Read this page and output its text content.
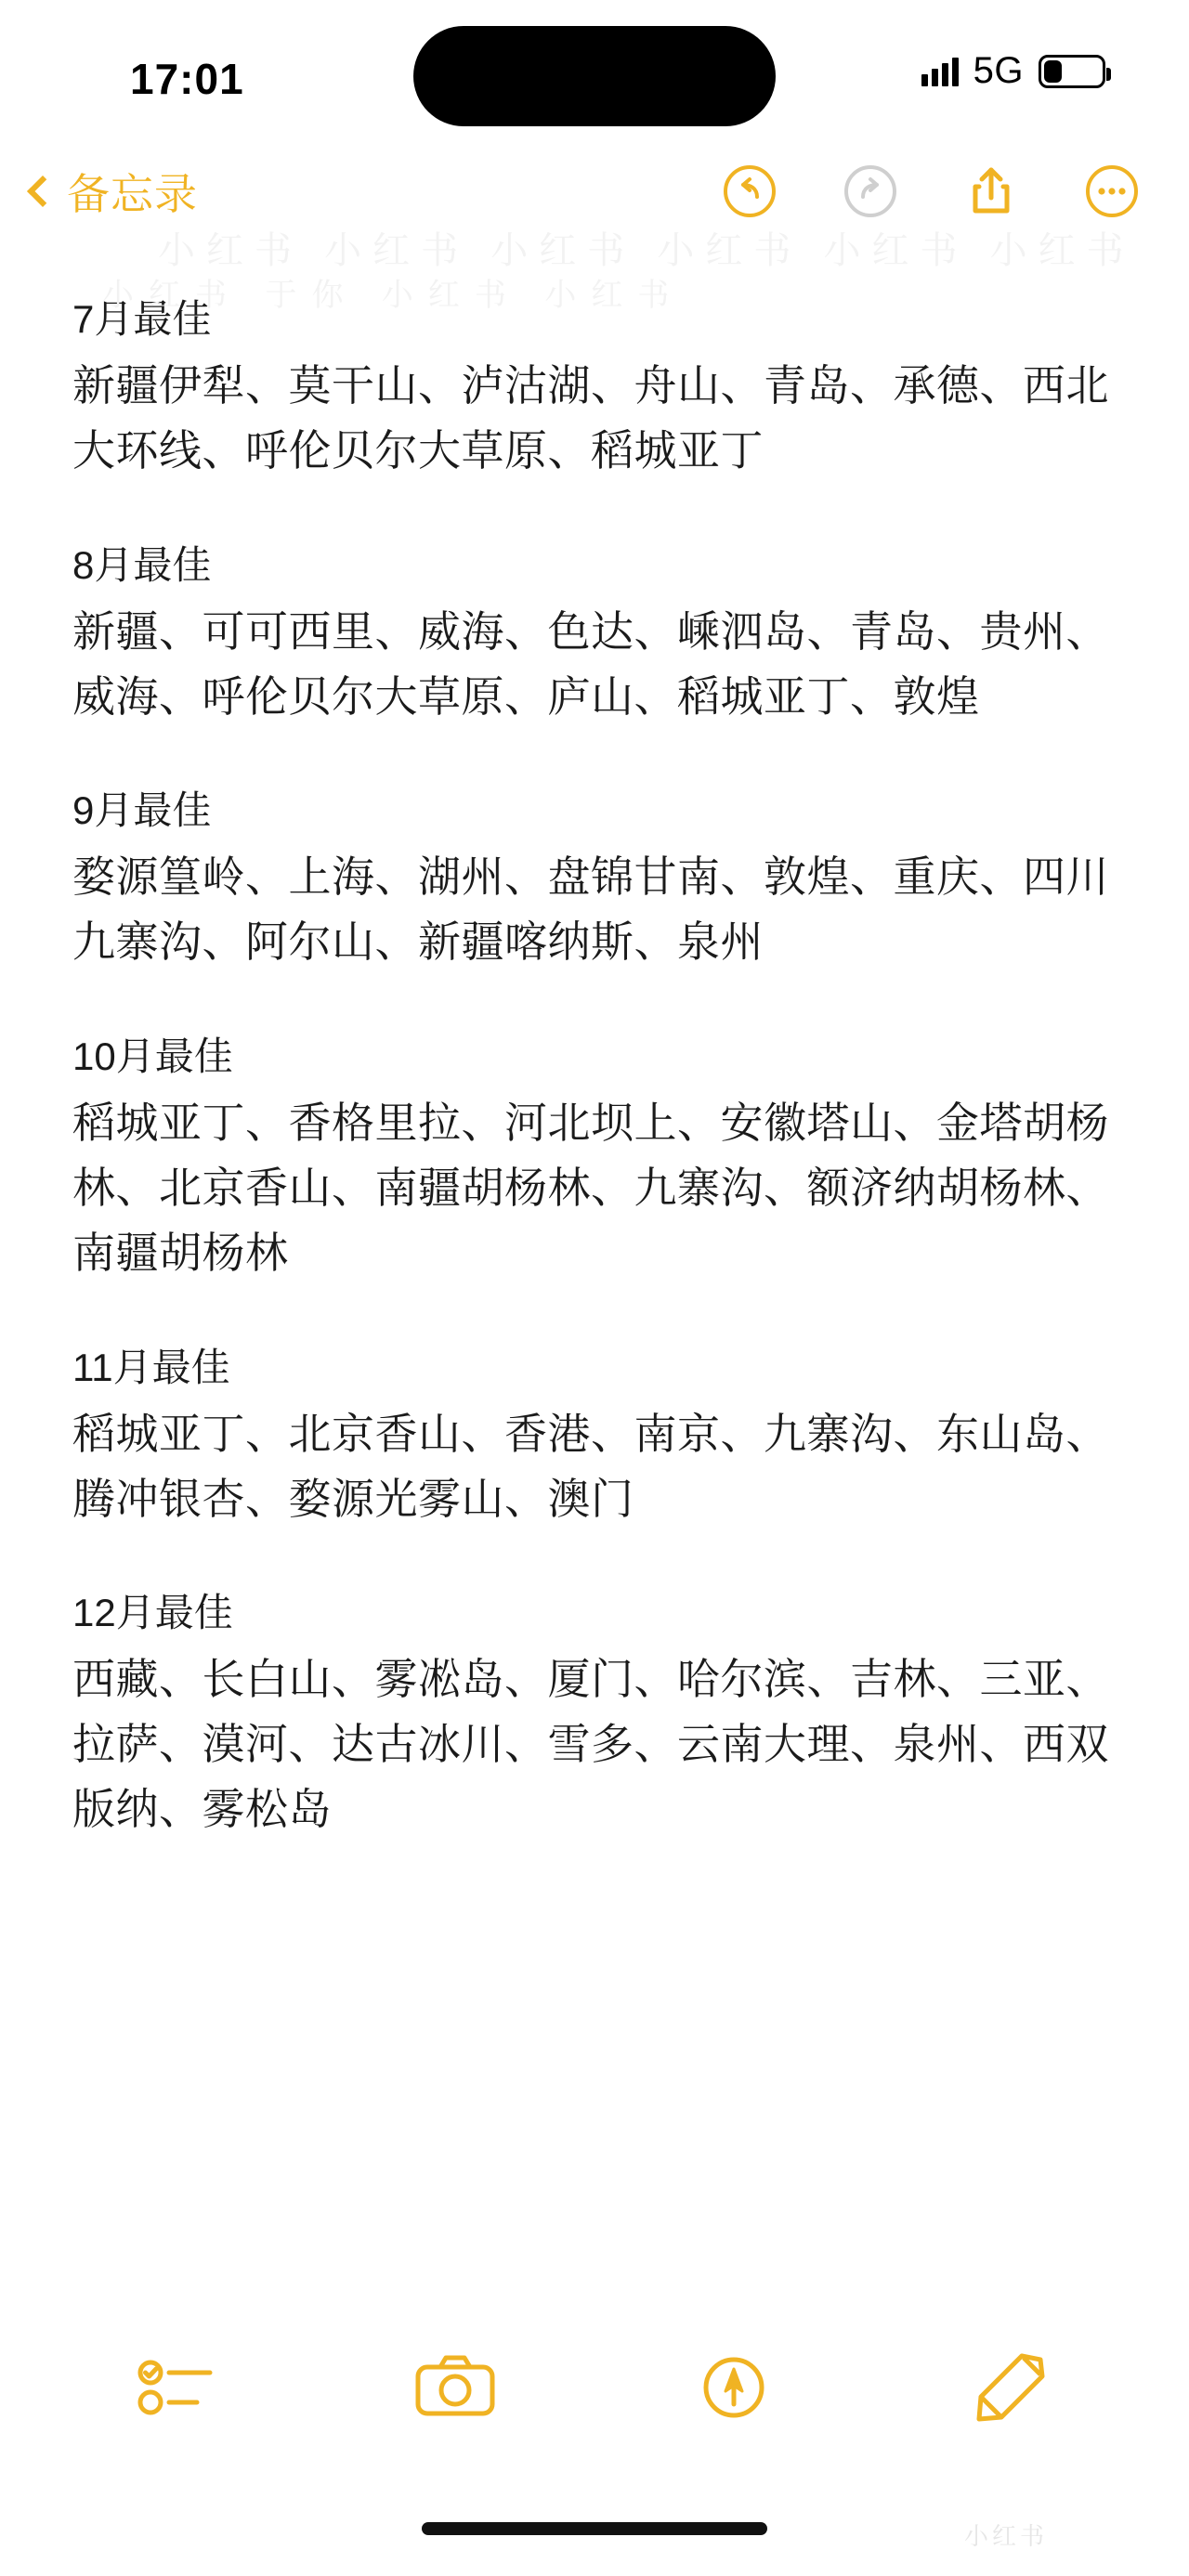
17:01	5G
小红书 小红书 小红书 小红书 小红书 小红书
小红书 于你 小红书 小红书
备忘录
7月最佳
新疆伊犁、莫干山、泸沽湖、舟山、青岛、承德、西北大环线、呼伦贝尔大草原、稻城亚丁
8月最佳
新疆、可可西里、威海、色达、嵊泗岛、青岛、贵州、威海、呼伦贝尔大草原、庐山、稻城亚丁、敦煌
9月最佳
婺源篁岭、上海、湖州、盘锦甘南、敦煌、重庆、四川九寨沟、阿尔山、新疆喀纳斯、泉州
10月最佳
稻城亚丁、香格里拉、河北坝上、安徽塔山、金塔胡杨林、北京香山、南疆胡杨林、九寨沟、额济纳胡杨林、南疆胡杨林
11月最佳
稻城亚丁、北京香山、香港、南京、九寨沟、东山岛、腾冲银杏、婺源光雾山、澳门
12月最佳
西藏、长白山、雾凇岛、厦门、哈尔滨、吉林、三亚、拉萨、漠河、达古冰川、雪多、云南大理、泉州、西双版纳、雾松岛
小红书
